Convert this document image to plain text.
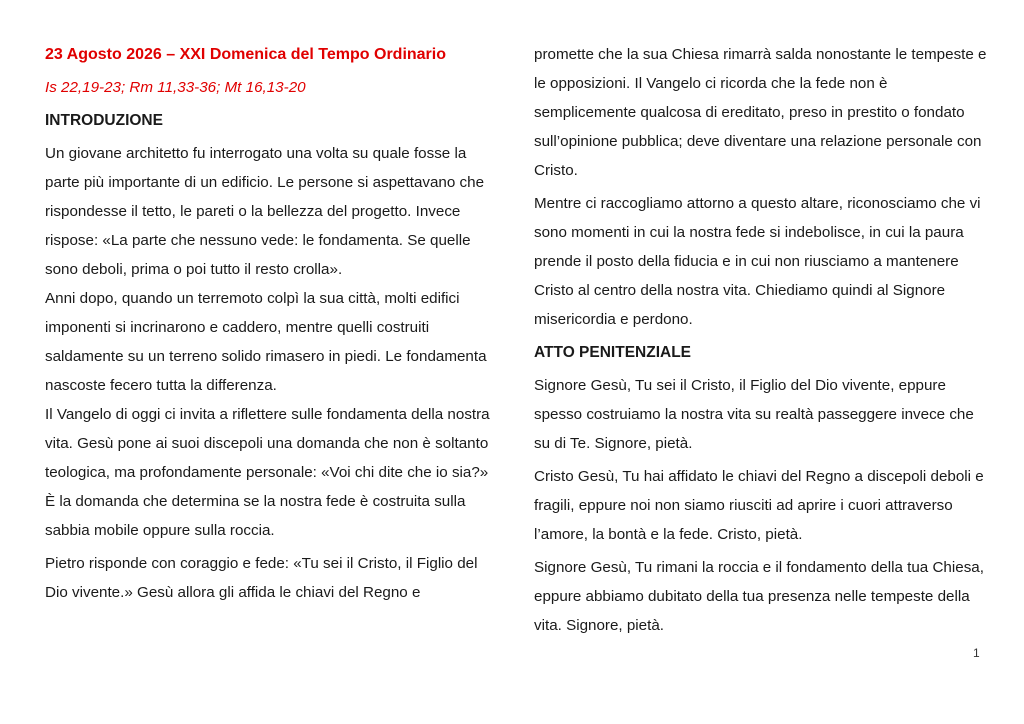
23 Agosto 2026 – XXI Domenica del Tempo Ordinario

Is 22,19-23; Rm 11,33-36; Mt 16,13-20

INTRODUZIONE

Un giovane architetto fu interrogato una volta su quale fosse la parte più importante di un edificio. Le persone si aspettavano che rispondesse il tetto, le pareti o la bellezza del progetto. Invece rispose: «La parte che nessuno vede: le fondamenta. Se quelle sono deboli, prima o poi tutto il resto crolla».

Anni dopo, quando un terremoto colpì la sua città, molti edifici imponenti si incrinarono e caddero, mentre quelli costruiti saldamente su un terreno solido rimasero in piedi. Le fondamenta nascoste fecero tutta la differenza.

Il Vangelo di oggi ci invita a riflettere sulle fondamenta della nostra vita. Gesù pone ai suoi discepoli una domanda che non è soltanto teologica, ma profondamente personale: «Voi chi dite che io sia?» È la domanda che determina se la nostra fede è costruita sulla sabbia mobile oppure sulla roccia.

Pietro risponde con coraggio e fede: «Tu sei il Cristo, il Figlio del Dio vivente.» Gesù allora gli affida le chiavi del Regno e

promette che la sua Chiesa rimarrà salda nonostante le tempeste e le opposizioni. Il Vangelo ci ricorda che la fede non è semplicemente qualcosa di ereditato, preso in prestito o fondato sull’opinione pubblica; deve diventare una relazione personale con Cristo.

Mentre ci raccogliamo attorno a questo altare, riconosciamo che vi sono momenti in cui la nostra fede si indebolisce, in cui la paura prende il posto della fiducia e in cui non riusciamo a mantenere Cristo al centro della nostra vita. Chiediamo quindi al Signore misericordia e perdono.

ATTO PENITENZIALE

Signore Gesù, Tu sei il Cristo, il Figlio del Dio vivente, eppure spesso costruiamo la nostra vita su realtà passeggere invece che su di Te. Signore, pietà.

Cristo Gesù, Tu hai affidato le chiavi del Regno a discepoli deboli e fragili, eppure noi non siamo riusciti ad aprire i cuori attraverso l’amore, la bontà e la fede. Cristo, pietà.

Signore Gesù, Tu rimani la roccia e il fondamento della tua Chiesa, eppure abbiamo dubitato della tua presenza nelle tempeste della vita. Signore, pietà.

1
